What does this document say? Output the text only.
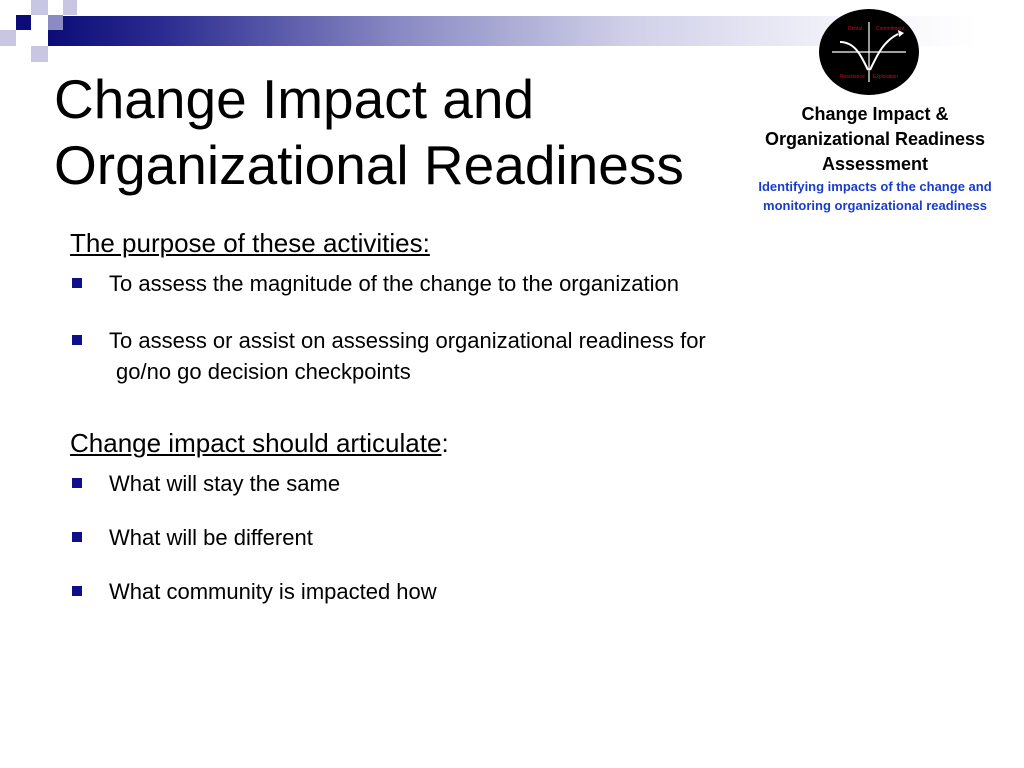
Change Impact and
Organizational Readiness
Denial	Commitment
Resistance Exploration
Change Impact &
Organizational Readiness
Assessment
Identifying impacts of the change and
monitoring organizational readiness
The purpose of these activities:
To assess the magnitude of the change to the organization
To assess or assist on assessing organizational readiness for
go/no go decision checkpoints
Change impact should articulate:
What will stay the same
What will be different
What community is impacted how
